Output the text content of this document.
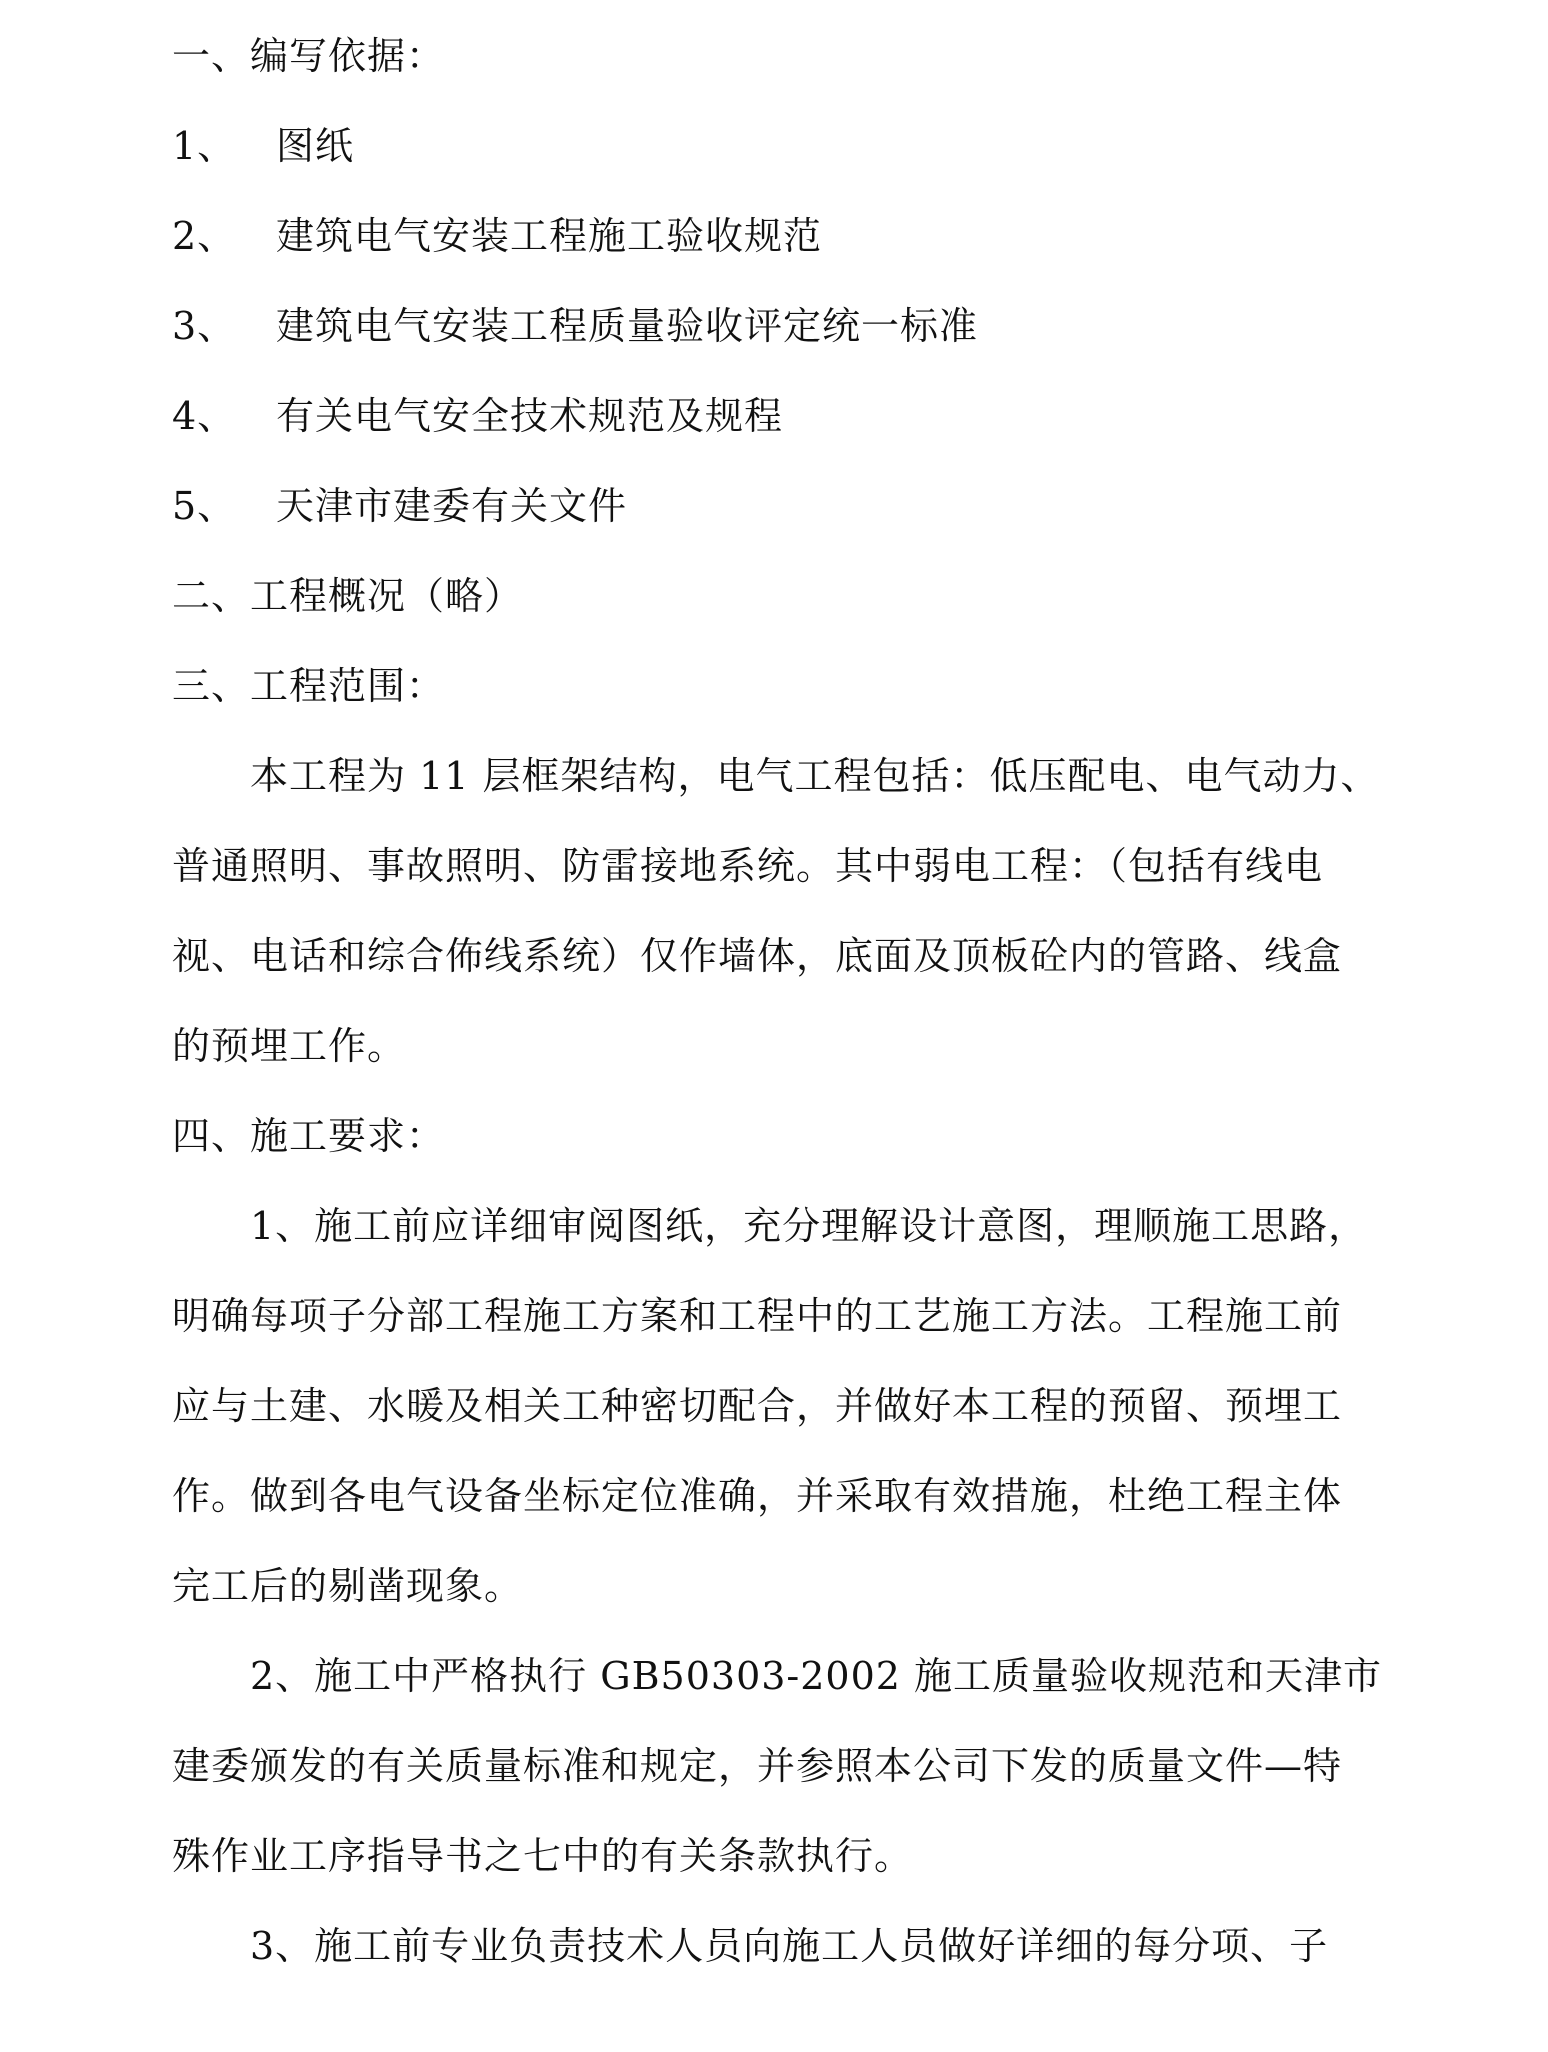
一、编写依据：
1、 图纸
2、 建筑电气安装工程施工验收规范
3、 建筑电气安装工程质量验收评定统一标准
4、 有关电气安全技术规范及规程
5、 天津市建委有关文件
二、工程概况（略）
三、工程范围：
本工程为 11 层框架结构，电气工程包括：低压配电、电气动力、
普通照明、事故照明、防雷接地系统。其中弱电工程：（包括有线电
视、电话和综合佈线系统）仅作墙体，底面及顶板砼内的管路、线盒
的预埋工作。
四、施工要求：
1、施工前应详细审阅图纸，充分理解设计意图，理顺施工思路，
明确每项子分部工程施工方案和工程中的工艺施工方法。工程施工前
应与土建、水暖及相关工种密切配合，并做好本工程的预留、预埋工
作。做到各电气设备坐标定位准确，并采取有效措施，杜绝工程主体
完工后的剔凿现象。
2、施工中严格执行 GB50303-2002 施工质量验收规范和天津市
建委颁发的有关质量标准和规定，并参照本公司下发的质量文件—特
殊作业工序指导书之七中的有关条款执行。
3、施工前专业负责技术人员向施工人员做好详细的每分项、子
